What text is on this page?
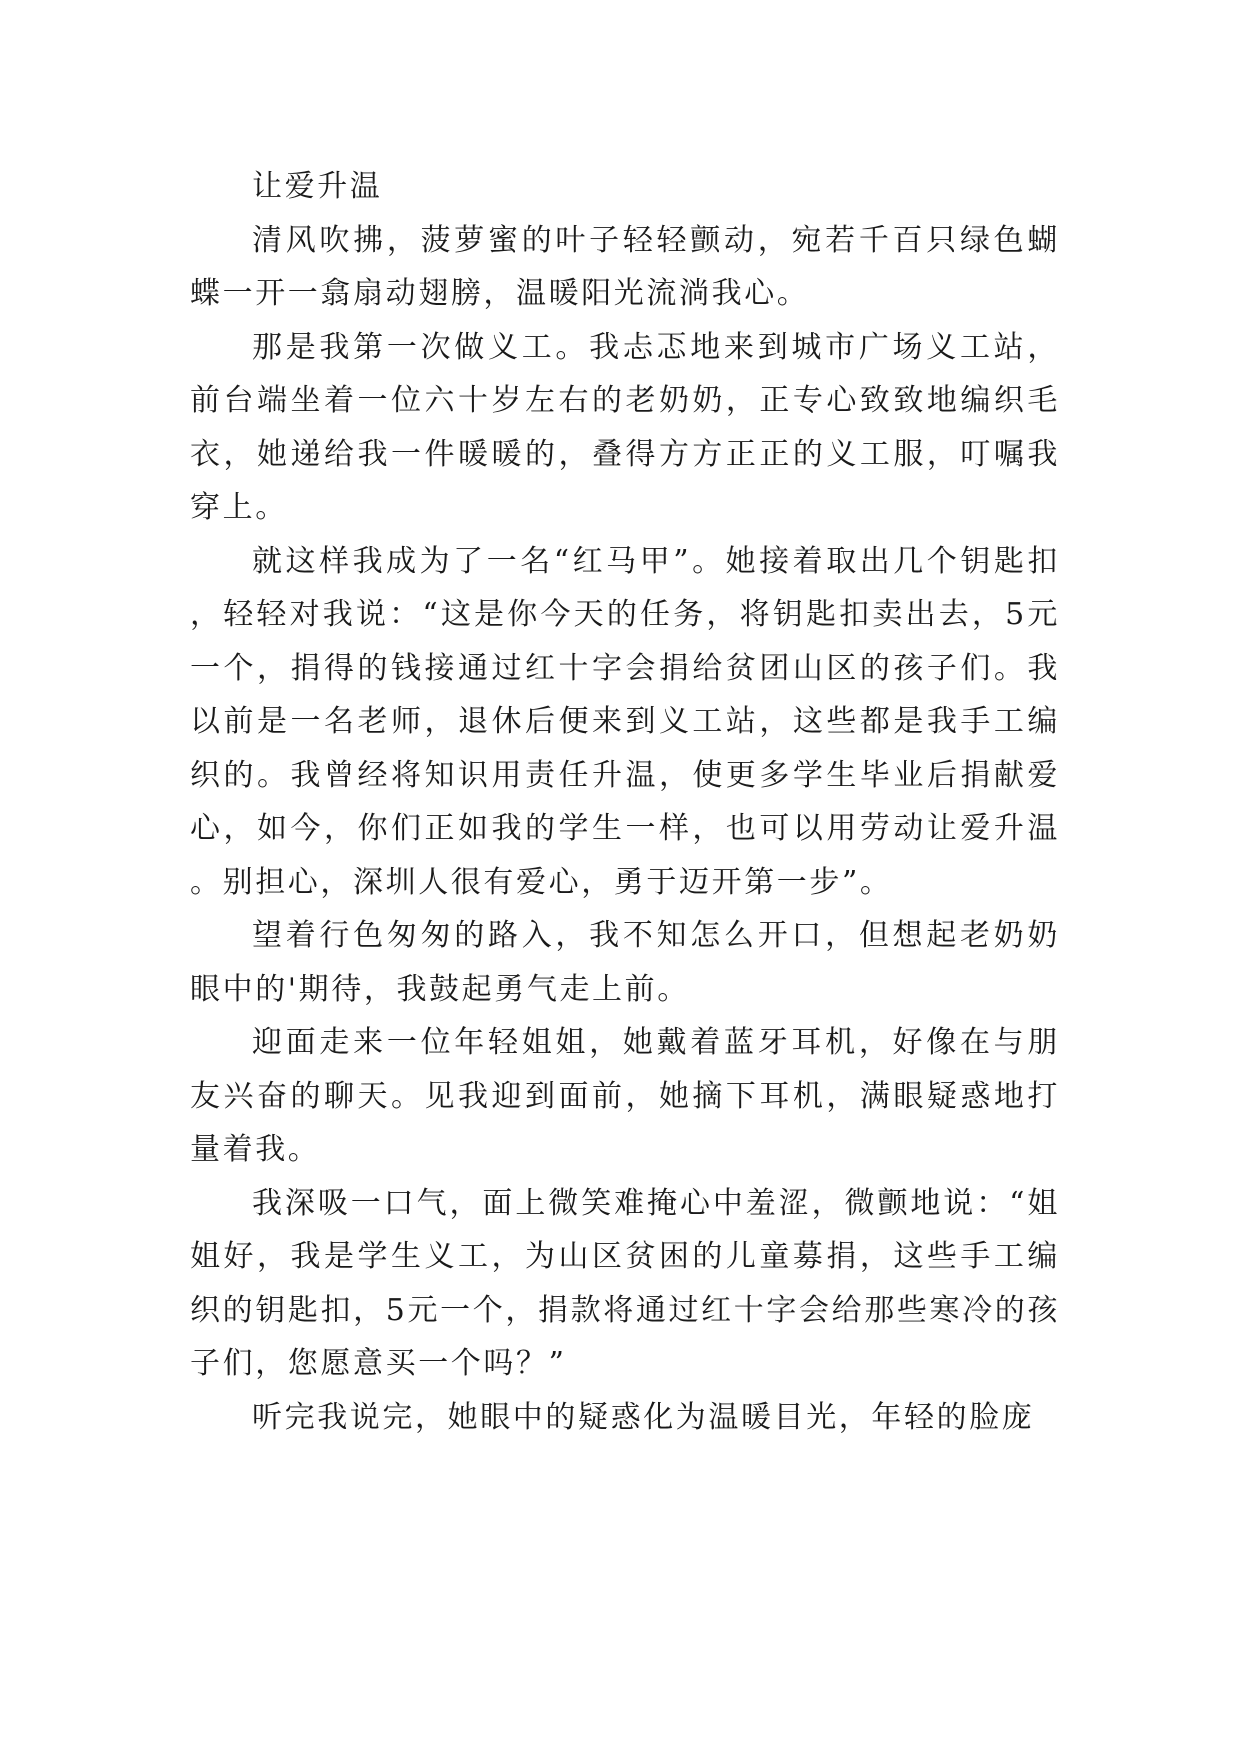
让爱升温

清风吹拂，菠萝蜜的叶子轻轻颤动，宛若千百只绿色蝴蝶一开一翕扇动翅膀，温暖阳光流淌我心。

那是我第一次做义工。我忐忑地来到城市广场义工站，前台端坐着一位六十岁左右的老奶奶，正专心致致地编织毛衣，她递给我一件暖暖的，叠得方方正正的义工服，叮嘱我穿上。

就这样我成为了一名“红马甲”。她接着取出几个钥匙扣，轻轻对我说：“这是你今天的任务，将钥匙扣卖出去，5元一个，捐得的钱接通过红十字会捐给贫团山区的孩子们。我以前是一名老师，退休后便来到义工站，这些都是我手工编织的。我曾经将知识用责任升温，使更多学生毕业后捐献爱心，如今，你们正如我的学生一样，也可以用劳动让爱升温。别担心，深圳人很有爱心，勇于迈开第一步”。

望着行色匆匆的路入，我不知怎么开口，但想起老奶奶眼中的'期待，我鼓起勇气走上前。

迎面走来一位年轻姐姐，她戴着蓝牙耳机，好像在与朋友兴奋的聊天。见我迎到面前，她摘下耳机，满眼疑惑地打量着我。

我深吸一口气，面上微笑难掩心中羞涩，微颤地说：“姐姐好，我是学生义工，为山区贫困的儿童募捐，这些手工编织的钥匙扣，5元一个，捐款将通过红十字会给那些寒冷的孩子们，您愿意买一个吗？”

听完我说完，她眼中的疑惑化为温暖目光，年轻的脸庞
